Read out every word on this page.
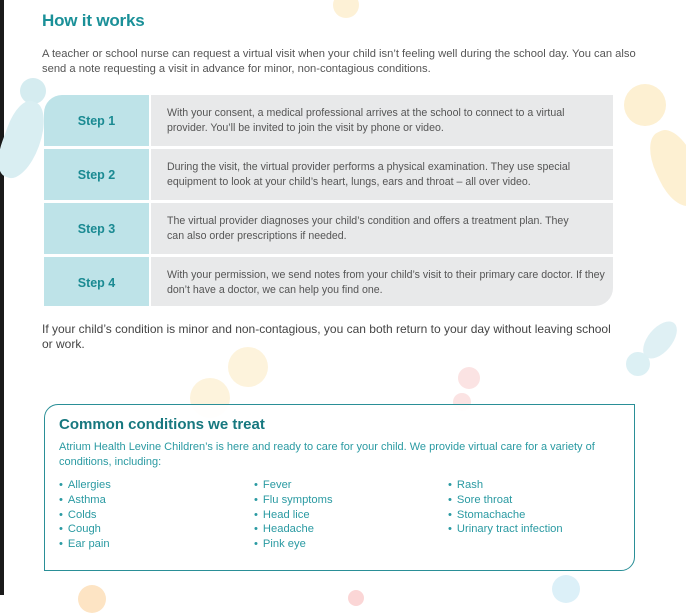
How it works

A teacher or school nurse can request a virtual visit when your child isn’t feeling well during the school day. You can also send a note requesting a visit in advance for minor, non-contagious conditions.

Step 1
With your consent, a medical professional arrives at the school to connect to a virtual provider. You’ll be invited to join the visit by phone or video.
Step 2
During the visit, the virtual provider performs a physical examination. They use special equipment to look at your child’s heart, lungs, ears and throat – all over video.
Step 3
The virtual provider diagnoses your child’s condition and offers a treatment plan. They can also order prescriptions if needed.
Step 4
With your permission, we send notes from your child’s visit to their primary care doctor. If they don’t have a doctor, we can help you find one.

If your child’s condition is minor and non-contagious, you can both return to your day without leaving school or work.

Common conditions we treat

Atrium Health Levine Children’s is here and ready to care for your child. We provide virtual care for a variety of conditions, including:

• Allergies
• Asthma
• Colds
• Cough
• Ear pain
• Fever
• Flu symptoms
• Head lice
• Headache
• Pink eye
• Rash
• Sore throat
• Stomachache
• Urinary tract infection
